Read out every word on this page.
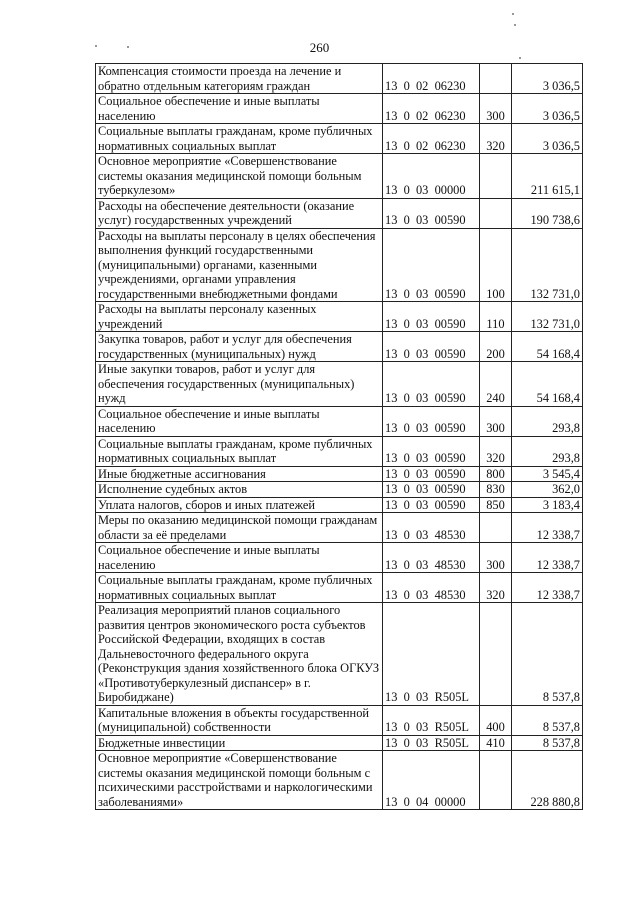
260
Компенсация стоимости проезда на лечение и обратно отдельным категориям граждан	13  0  02  06230		3 036,5
Социальное обеспечение и иные выплаты населению	13  0  02  06230	300	3 036,5
Социальные выплаты гражданам, кроме публичных нормативных социальных выплат	13  0  02  06230	320	3 036,5
Основное мероприятие «Совершенствование системы оказания медицинской помощи больным туберкулезом»	13  0  03  00000		211 615,1
Расходы на обеспечение деятельности (оказание услуг) государственных учреждений	13  0  03  00590		190 738,6
Расходы на выплаты персоналу в целях обеспечения выполнения функций государственными (муниципальными) органами, казенными учреждениями, органами управления государственными внебюджетными фондами	13  0  03  00590	100	132 731,0
Расходы на выплаты персоналу казенных учреждений	13  0  03  00590	110	132 731,0
Закупка товаров, работ и услуг для обеспечения государственных (муниципальных) нужд	13  0  03  00590	200	54 168,4
Иные закупки товаров, работ и услуг для обеспечения государственных (муниципальных) нужд	13  0  03  00590	240	54 168,4
Социальное обеспечение и иные выплаты населению	13  0  03  00590	300	293,8
Социальные выплаты гражданам, кроме публичных нормативных социальных выплат	13  0  03  00590	320	293,8
Иные бюджетные ассигнования	13  0  03  00590	800	3 545,4
Исполнение судебных актов	13  0  03  00590	830	362,0
Уплата налогов, сборов и иных платежей	13  0  03  00590	850	3 183,4
Меры по оказанию медицинской помощи гражданам области за её пределами	13  0  03  48530		12 338,7
Социальное обеспечение и иные выплаты населению	13  0  03  48530	300	12 338,7
Социальные выплаты гражданам, кроме публичных нормативных социальных выплат	13  0  03  48530	320	12 338,7
Реализация мероприятий планов социального развития центров экономического роста субъектов Российской Федерации, входящих в состав Дальневосточного федерального округа (Реконструкция здания хозяйственного блока ОГКУЗ «Противотуберкулезный диспансер» в г. Биробиджане)	13  0  03  R505L		8 537,8
Капитальные вложения в объекты государственной (муниципальной) собственности	13  0  03  R505L	400	8 537,8
Бюджетные инвестиции	13  0  03  R505L	410	8 537,8
Основное мероприятие «Совершенствование системы оказания медицинской помощи больным с психическими расстройствами и наркологическими заболеваниями»	13  0  04  00000		228 880,8
